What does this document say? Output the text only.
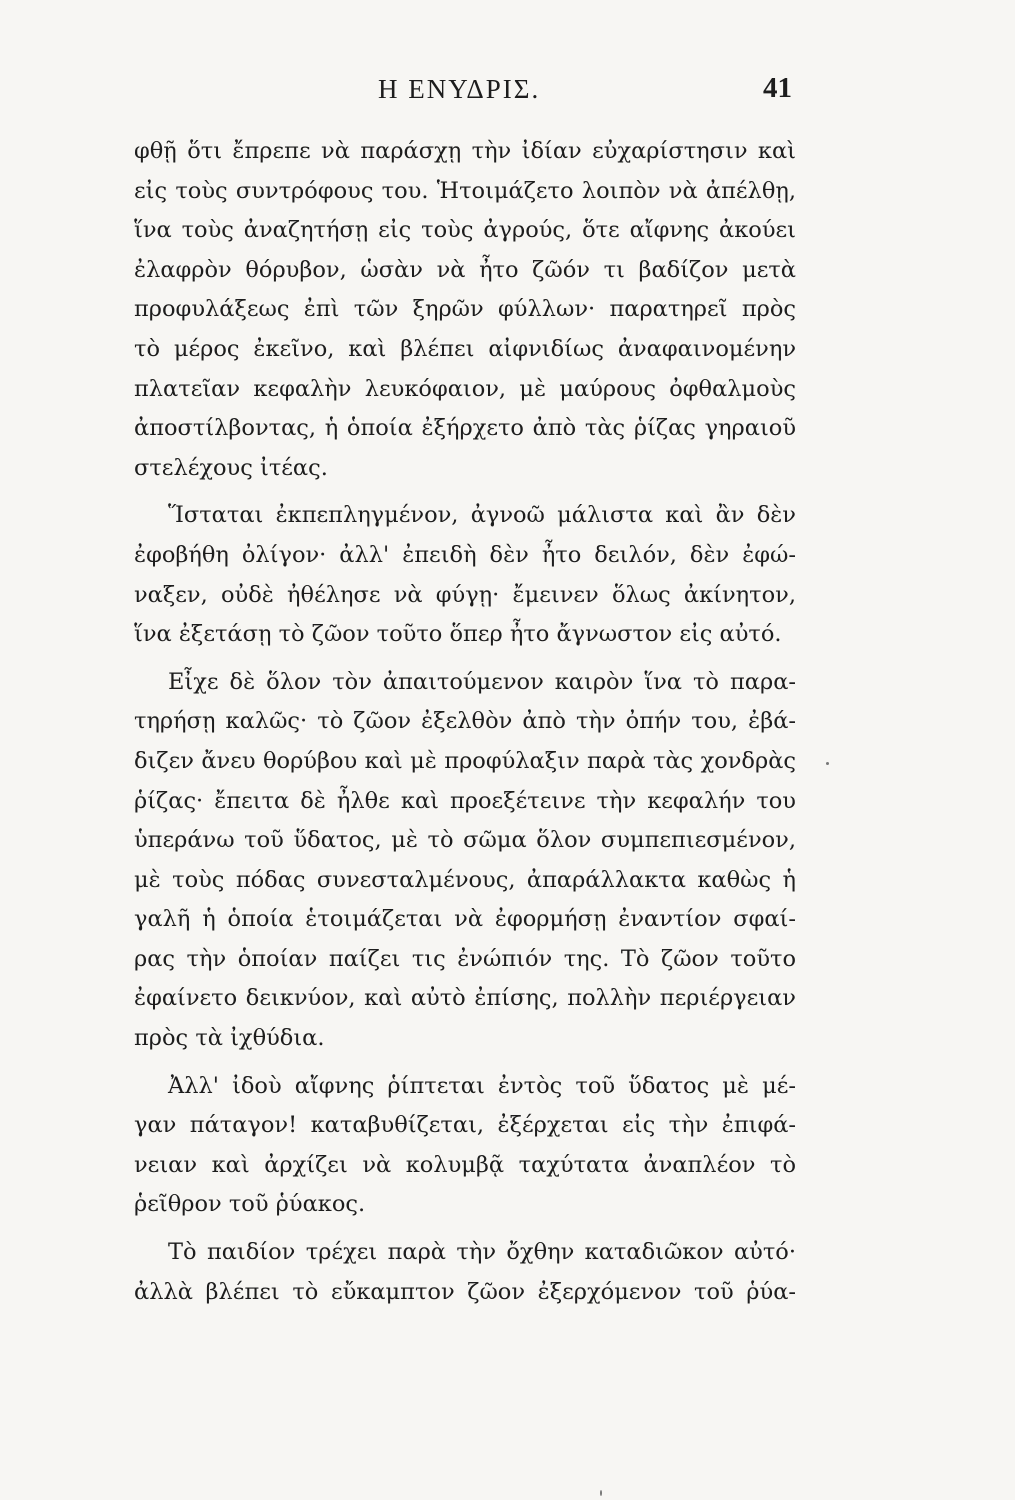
Η ΕΝΥΔΡΙΣ.	41
φθῇ ὅτι ἔπρεπε νὰ παράσχῃ τὴν ἰδίαν εὐχαρίστησιν καὶ
εἰς τοὺς συντρόφους του. Ἡτοιμάζετο λοιπὸν νὰ ἀπέλθῃ,
ἵνα τοὺς ἀναζητήσῃ εἰς τοὺς ἀγρούς, ὅτε αἴφνης ἀκούει
ἐλαφρὸν θόρυβον, ὡσὰν νὰ ἦτο ζῶόν τι βαδίζον μετὰ
προφυλάξεως ἐπὶ τῶν ξηρῶν φύλλων· παρατηρεῖ πρὸς
τὸ μέρος ἐκεῖνο, καὶ βλέπει αἰφνιδίως ἀναφαινομένην
πλατεῖαν κεφαλὴν λευκόφαιον, μὲ μαύρους ὀφθαλμοὺς
ἀποστίλβοντας, ἡ ὁποία ἐξήρχετο ἀπὸ τὰς ῥίζας γηραιοῦ
στελέχους ἰτέας.
Ἵσταται ἐκπεπληγμένον, ἀγνοῶ μάλιστα καὶ ἂν δὲν
ἐφοβήθη ὀλίγον· ἀλλ' ἐπειδὴ δὲν ἦτο δειλόν, δὲν ἐφώ-
ναξεν, οὐδὲ ἠθέλησε νὰ φύγῃ· ἔμεινεν ὅλως ἀκίνητον,
ἵνα ἐξετάσῃ τὸ ζῶον τοῦτο ὅπερ ἦτο ἄγνωστον εἰς αὐτό.
Εἶχε δὲ ὅλον τὸν ἀπαιτούμενον καιρὸν ἵνα τὸ παρα-
τηρήσῃ καλῶς· τὸ ζῶον ἐξελθὸν ἀπὸ τὴν ὀπήν του, ἐβά-
διζεν ἄνευ θορύβου καὶ μὲ προφύλαξιν παρὰ τὰς χονδρὰς
ῥίζας· ἔπειτα δὲ ἦλθε καὶ προεξέτεινε τὴν κεφαλήν του
ὑπεράνω τοῦ ὕδατος, μὲ τὸ σῶμα ὅλον συμπεπιεσμένον,
μὲ τοὺς πόδας συνεσταλμένους, ἀπαράλλακτα καθὼς ἡ
γαλῆ ἡ ὁποία ἑτοιμάζεται νὰ ἐφορμήσῃ ἐναντίον σφαί-
ρας τὴν ὁποίαν παίζει τις ἐνώπιόν της. Τὸ ζῶον τοῦτο
ἐφαίνετο δεικνύον, καὶ αὐτὸ ἐπίσης, πολλὴν περιέργειαν
πρὸς τὰ ἰχθύδια.
Ἀλλ' ἰδοὺ αἴφνης ῥίπτεται ἐντὸς τοῦ ὕδατος μὲ μέ-
γαν πάταγον! καταβυθίζεται, ἐξέρχεται εἰς τὴν ἐπιφά-
νειαν καὶ ἀρχίζει νὰ κολυμβᾷ ταχύτατα ἀναπλέον τὸ
ῥεῖθρον τοῦ ῥύακος.
Τὸ παιδίον τρέχει παρὰ τὴν ὄχθην καταδιῶκον αὐτό·
ἀλλὰ βλέπει τὸ εὔκαμπτον ζῶον ἐξερχόμενον τοῦ ῥύα-
